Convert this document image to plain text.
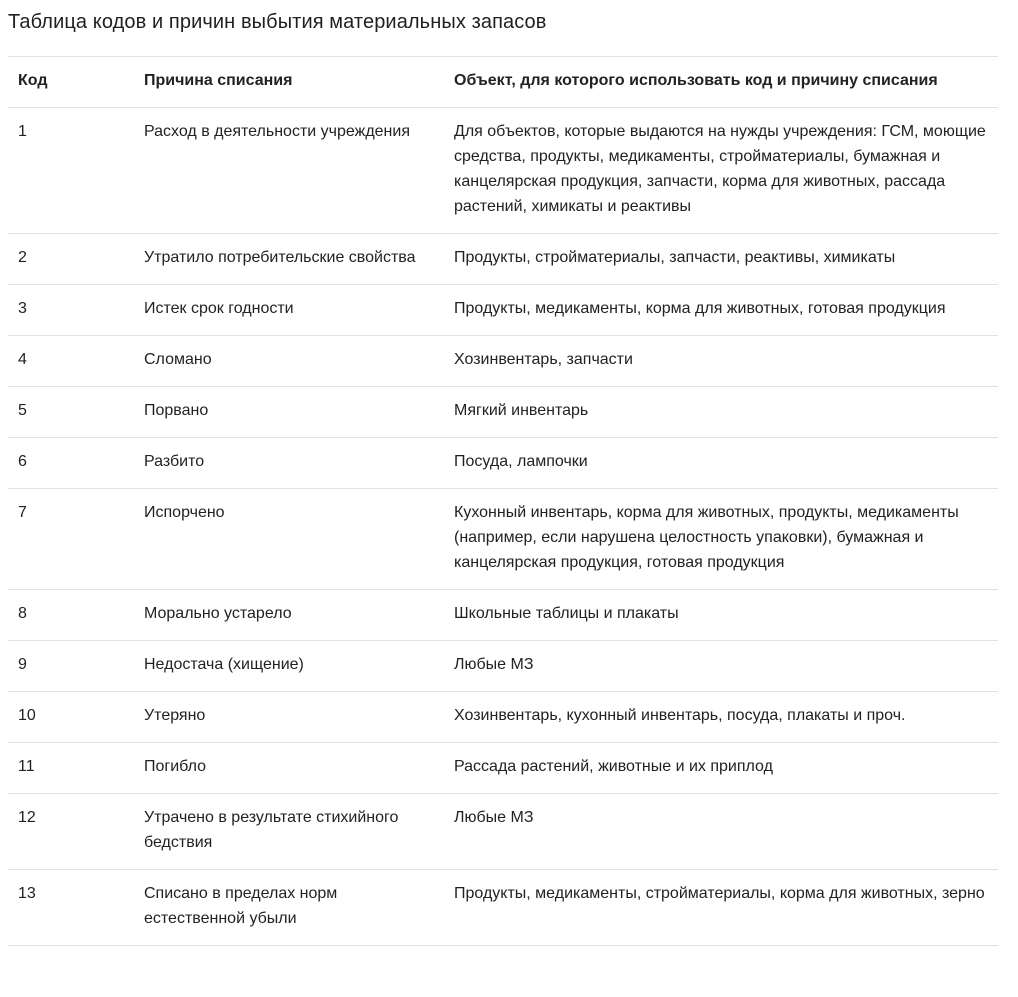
Таблица кодов и причин выбытия материальных запасов
Код	Причина списания	Объект, для которого использовать код и причину списания
1	Расход в деятельности учреждения	Для объектов, которые выдаются на нужды учреждения: ГСМ, моющие средства, продукты, медикаменты, стройматериалы, бумажная и канцелярская продукция, запчасти, корма для животных, рассада растений, химикаты и реактивы
2	Утратило потребительские свойства	Продукты, стройматериалы, запчасти, реактивы, химикаты
3	Истек срок годности	Продукты, медикаменты, корма для животных, готовая продукция
4	Сломано	Хозинвентарь, запчасти
5	Порвано	Мягкий инвентарь
6	Разбито	Посуда, лампочки
7	Испорчено	Кухонный инвентарь, корма для животных, продукты, медикаменты (например, если нарушена целостность упаковки), бумажная и канцелярская продукция, готовая продукция
8	Морально устарело	Школьные таблицы и плакаты
9	Недостача (хищение)	Любые МЗ
10	Утеряно	Хозинвентарь, кухонный инвентарь, посуда, плакаты и проч.
11	Погибло	Рассада растений, животные и их приплод
12	Утрачено в результате стихийного бедствия	Любые МЗ
13	Списано в пределах норм естественной убыли	Продукты, медикаменты, стройматериалы, корма для животных, зерно
